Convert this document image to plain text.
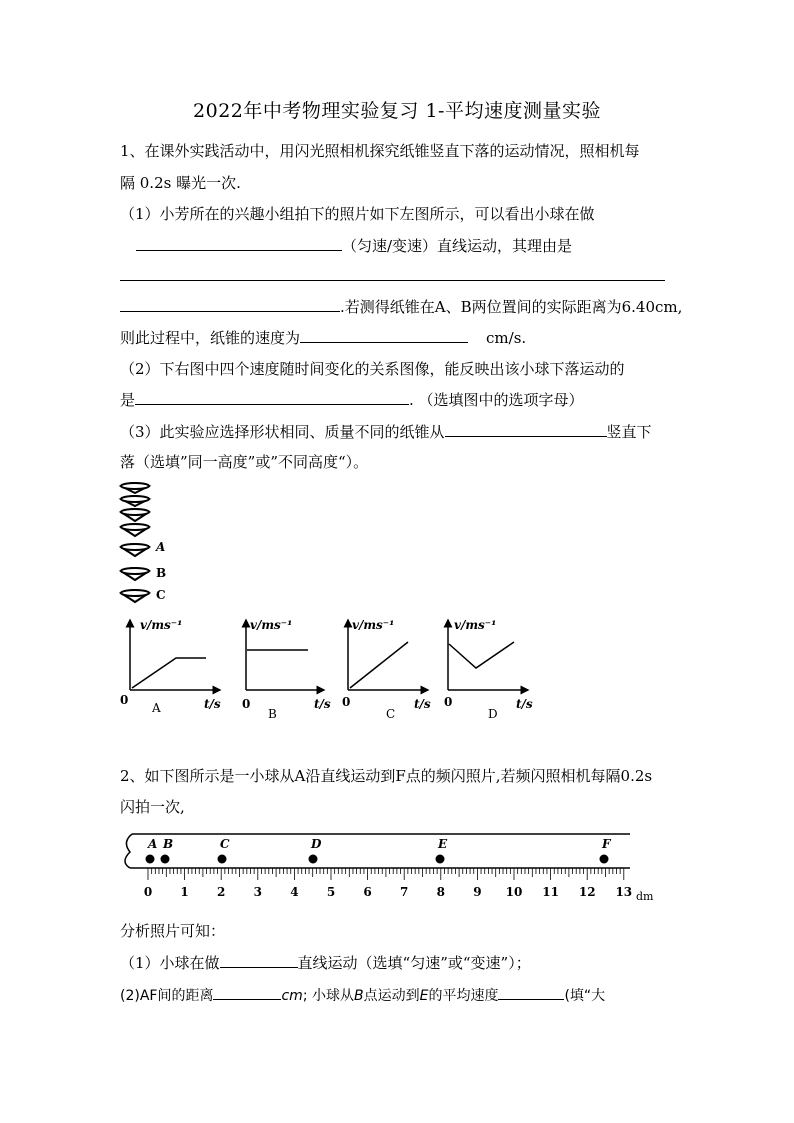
2022年中考物理实验复习 1-平均速度测量实验
1、在课外实践活动中，用闪光照相机探究纸锥竖直下落的运动情况，照相机每
隔 0.2s 曝光一次.
（1）小芳所在的兴趣小组拍下的照片如下左图所示，可以看出小球在做
（匀速/变速）直线运动，其理由是
.若测得纸锥在A、B两位置间的实际距离为6.40cm,
则此过程中，纸锥的速度为	cm/s.
（2）下右图中四个速度随时间变化的关系图像，能反映出该小球下落运动的
是	. （选填图中的选项字母）
（3）此实验应选择形状相同、质量不同的纸锥从	竖直下
落（选填”同一高度”或”不同高度“）。
A
B
C
v/ms⁻¹
t/s
0
A
v/ms⁻¹
t/s
0
B
v/ms⁻¹
t/s
0
C
v/ms⁻¹
t/s
0
D
2、如下图所示是一小球从A沿直线运动到F点的频闪照片,若频闪照相机每隔0.2s
闪拍一次,
0 1 2 3 4 5 6 7 8 9 10 11 12 13
A B	C	D	E	F
dm
分析照片可知：
（1）小球在做	直线运动（选填“匀速”或“变速”）；
(2)AF间的距离	cm; 小球从B点运动到E的平均速度	(填“大
